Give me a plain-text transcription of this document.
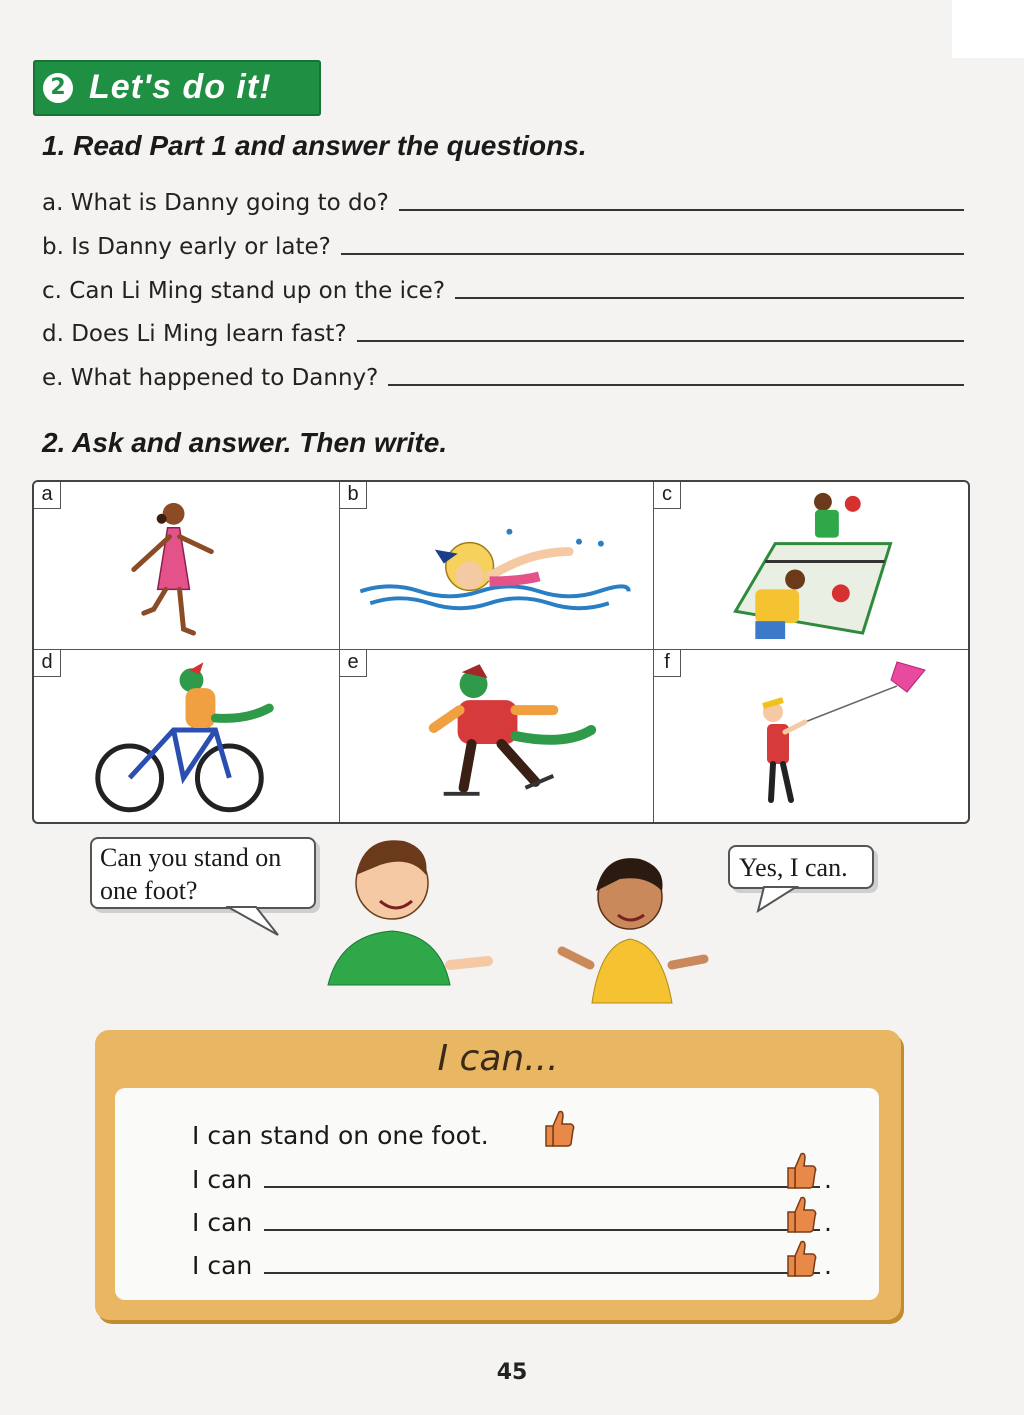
2 Let's do it!
1. Read Part 1 and answer the questions.
a. What is Danny going to do?
b. Is Danny early or late?
c. Can Li Ming stand up on the ice?
d. Does Li Ming learn fast?
e. What happened to Danny?
2. Ask and answer. Then write.
a	b	c
d	e	f
Can you stand on
one foot?
Yes, I can.
I can...
I can stand on one foot.
I can	.
I can	.
I can	.
45
